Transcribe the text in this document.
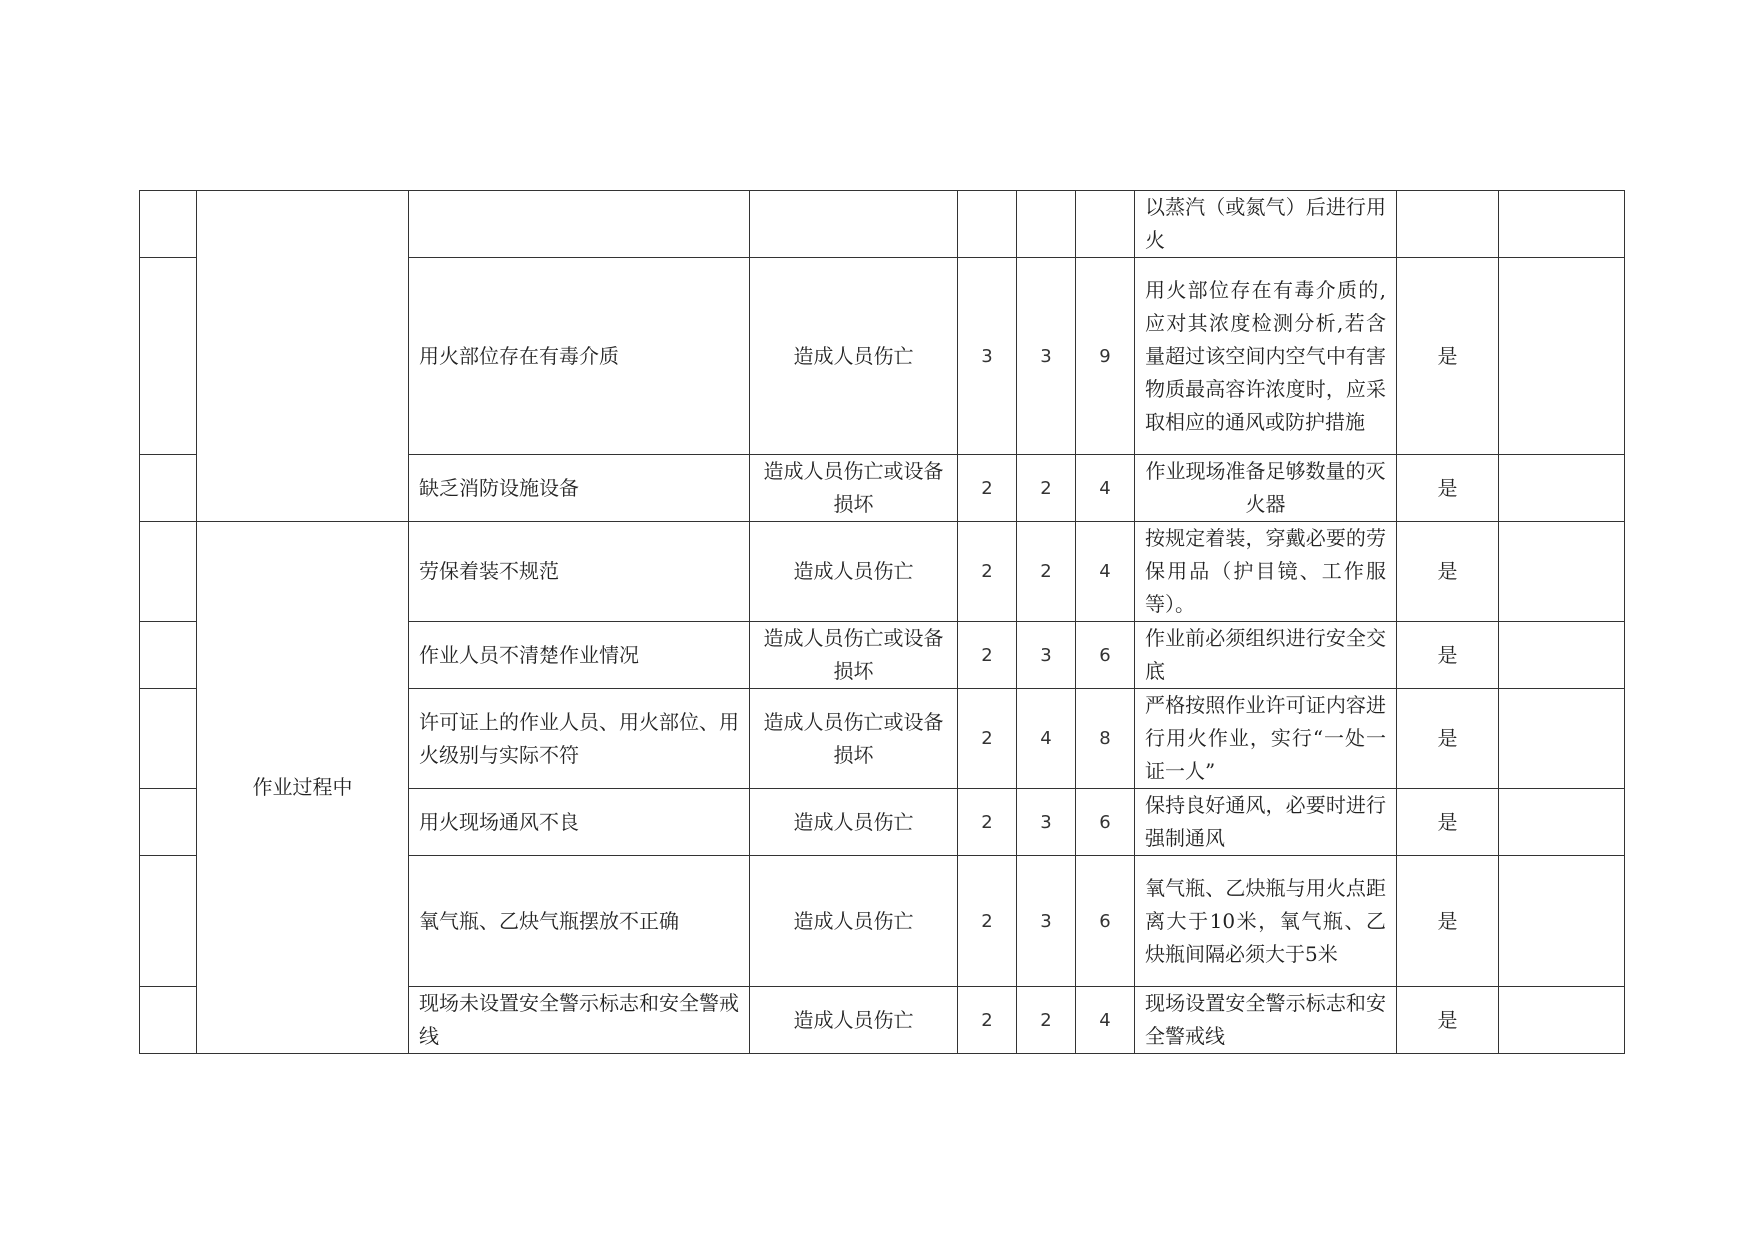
							以蒸汽（或氮气）后进行用火		
		用火部位存在有毒介质	造成人员伤亡	3	3	9	用火部位存在有毒介质的,应对其浓度检测分析,若含量超过该空间内空气中有害物质最高容许浓度时，应采取相应的通风或防护措施	是	
		缺乏消防设施设备	造成人员伤亡或设备损坏	2	2	4	作业现场准备足够数量的灭火器	是	
	作业过程中	劳保着装不规范	造成人员伤亡	2	2	4	按规定着装，穿戴必要的劳保用品（护目镜、工作服等）。	是	
		作业人员不清楚作业情况	造成人员伤亡或设备损坏	2	3	6	作业前必须组织进行安全交底	是	
		许可证上的作业人员、用火部位、用火级别与实际不符	造成人员伤亡或设备损坏	2	4	8	严格按照作业许可证内容进行用火作业，实行“一处一证一人”	是	
		用火现场通风不良	造成人员伤亡	2	3	6	保持良好通风，必要时进行强制通风	是	
		氧气瓶、乙炔气瓶摆放不正确	造成人员伤亡	2	3	6	氧气瓶、乙炔瓶与用火点距离大于10米，氧气瓶、乙炔瓶间隔必须大于5米	是	
		现场未设置安全警示标志和安全警戒线	造成人员伤亡	2	2	4	现场设置安全警示标志和安全警戒线	是	
